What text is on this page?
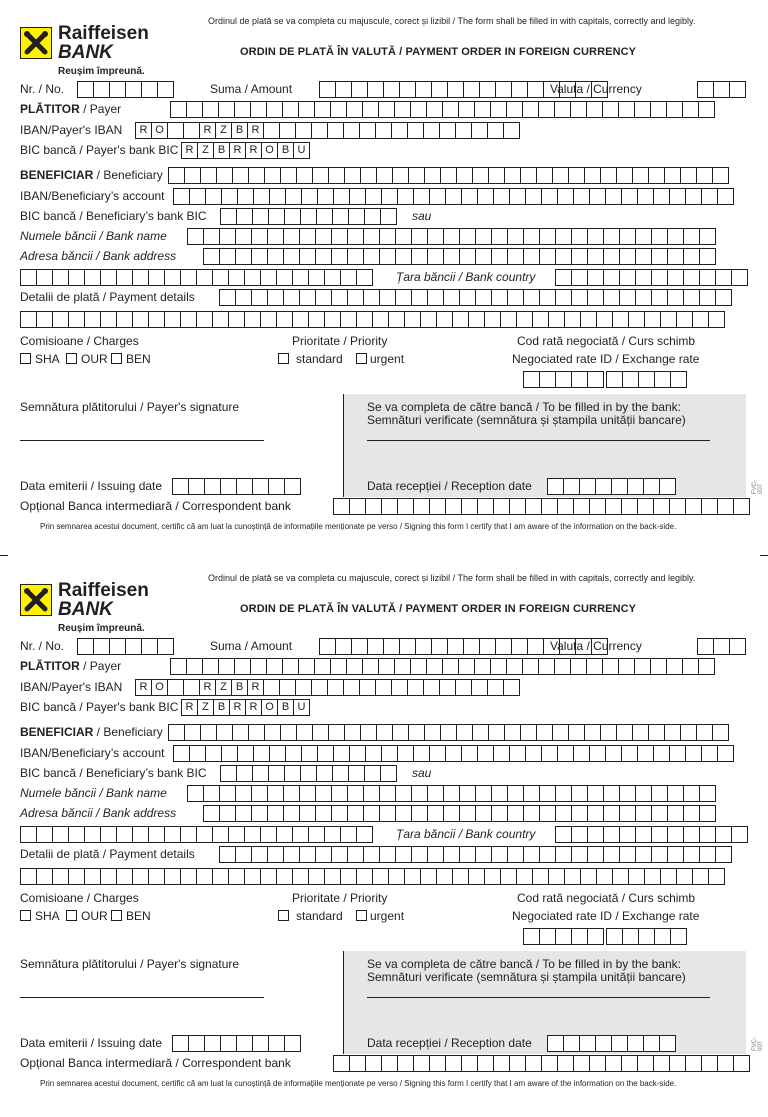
Raiffeisen
BANK
Reușim împreună.
Ordinul de plată se va completa cu majuscule, corect și lizibil / The form shall be filled in with capitals, correctly and legibly.
ORDIN DE PLATĂ ÎN VALUTĂ / PAYMENT ORDER IN FOREIGN CURRENCY
Nr. / No.	Suma / Amount	Valuta / Currency
PLĂTITOR / Payer
IBAN/Payer's IBAN	R O	R Z B R
BIC bancă / Payer's bank BIC R Z B R R O B U
BENEFICIAR / Beneficiary
IBAN/Beneficiary’s account
BIC bancă / Beneficiary’s bank BIC	sau
Numele băncii / Bank name
Adresa băncii / Bank address
Țara băncii / Bank country
Detalii de plată / Payment details
Comisioane / Charges
SHA OUR BEN
Prioritate / Priority
standard urgent
Cod rată negociată / Curs schimb
Negociated rate ID / Exchange rate
Semnătura plătitorului / Payer's signature	Se va completa de către bancă / To be filled in by the bank:
Semnături verificate (semnătura și ștampila unității bancare)
Data emiterii / Issuing date	Data recepției / Reception date
Opțional Banca intermediară / Correspondent bank
FVC-007
Prin semnarea acestui document, certific că am luat la cunoștință de informațiile menționate pe verso / Signing this form I certify that I am aware of the information on the back-side.
Raiffeisen
BANK
Reușim împreună.
Ordinul de plată se va completa cu majuscule, corect și lizibil / The form shall be filled in with capitals, correctly and legibly.
ORDIN DE PLATĂ ÎN VALUTĂ / PAYMENT ORDER IN FOREIGN CURRENCY
Nr. / No.	Suma / Amount	Valuta / Currency
PLĂTITOR / Payer
IBAN/Payer's IBAN	R O	R Z B R
BIC bancă / Payer's bank BIC R Z B R R O B U
BENEFICIAR / Beneficiary
IBAN/Beneficiary’s account
BIC bancă / Beneficiary’s bank BIC	sau
Numele băncii / Bank name
Adresa băncii / Bank address
Țara băncii / Bank country
Detalii de plată / Payment details
Comisioane / Charges
SHA OUR BEN
Prioritate / Priority
standard urgent
Cod rată negociată / Curs schimb
Negociated rate ID / Exchange rate
Semnătura plătitorului / Payer's signature	Se va completa de către bancă / To be filled in by the bank:
Semnături verificate (semnătura și ștampila unității bancare)
Data emiterii / Issuing date	Data recepției / Reception date
Opțional Banca intermediară / Correspondent bank
FVC-007
Prin semnarea acestui document, certific că am luat la cunoștință de informațiile menționate pe verso / Signing this form I certify that I am aware of the information on the back-side.
